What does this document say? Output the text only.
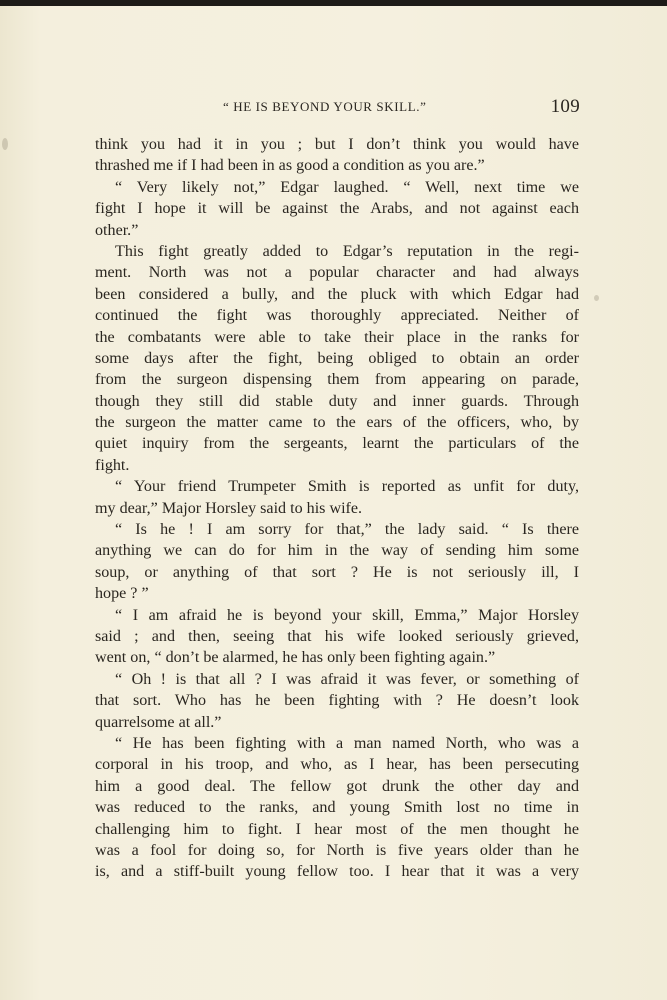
“ HE IS BEYOND YOUR SKILL.”	109
think you had it in you ; but I don’t think you would have
thrashed me if I had been in as good a condition as you are.”
“ Very likely not,” Edgar laughed. “ Well, next time we
fight I hope it will be against the Arabs, and not against each
other.”
This fight greatly added to Edgar’s reputation in the regi-
ment. North was not a popular character and had always
been considered a bully, and the pluck with which Edgar had
continued the fight was thoroughly appreciated. Neither of
the combatants were able to take their place in the ranks for
some days after the fight, being obliged to obtain an order
from the surgeon dispensing them from appearing on parade,
though they still did stable duty and inner guards. Through
the surgeon the matter came to the ears of the officers, who, by
quiet inquiry from the sergeants, learnt the particulars of the
fight.
“ Your friend Trumpeter Smith is reported as unfit for duty,
my dear,” Major Horsley said to his wife.
“ Is he ! I am sorry for that,” the lady said. “ Is there
anything we can do for him in the way of sending him some
soup, or anything of that sort ? He is not seriously ill, I
hope ? ”
“ I am afraid he is beyond your skill, Emma,” Major Horsley
said ; and then, seeing that his wife looked seriously grieved,
went on, “ don’t be alarmed, he has only been fighting again.”
“ Oh ! is that all ? I was afraid it was fever, or something of
that sort. Who has he been fighting with ? He doesn’t look
quarrelsome at all.”
“ He has been fighting with a man named North, who was a
corporal in his troop, and who, as I hear, has been persecuting
him a good deal. The fellow got drunk the other day and
was reduced to the ranks, and young Smith lost no time in
challenging him to fight. I hear most of the men thought he
was a fool for doing so, for North is five years older than he
is, and a stiff-built young fellow too. I hear that it was a very
